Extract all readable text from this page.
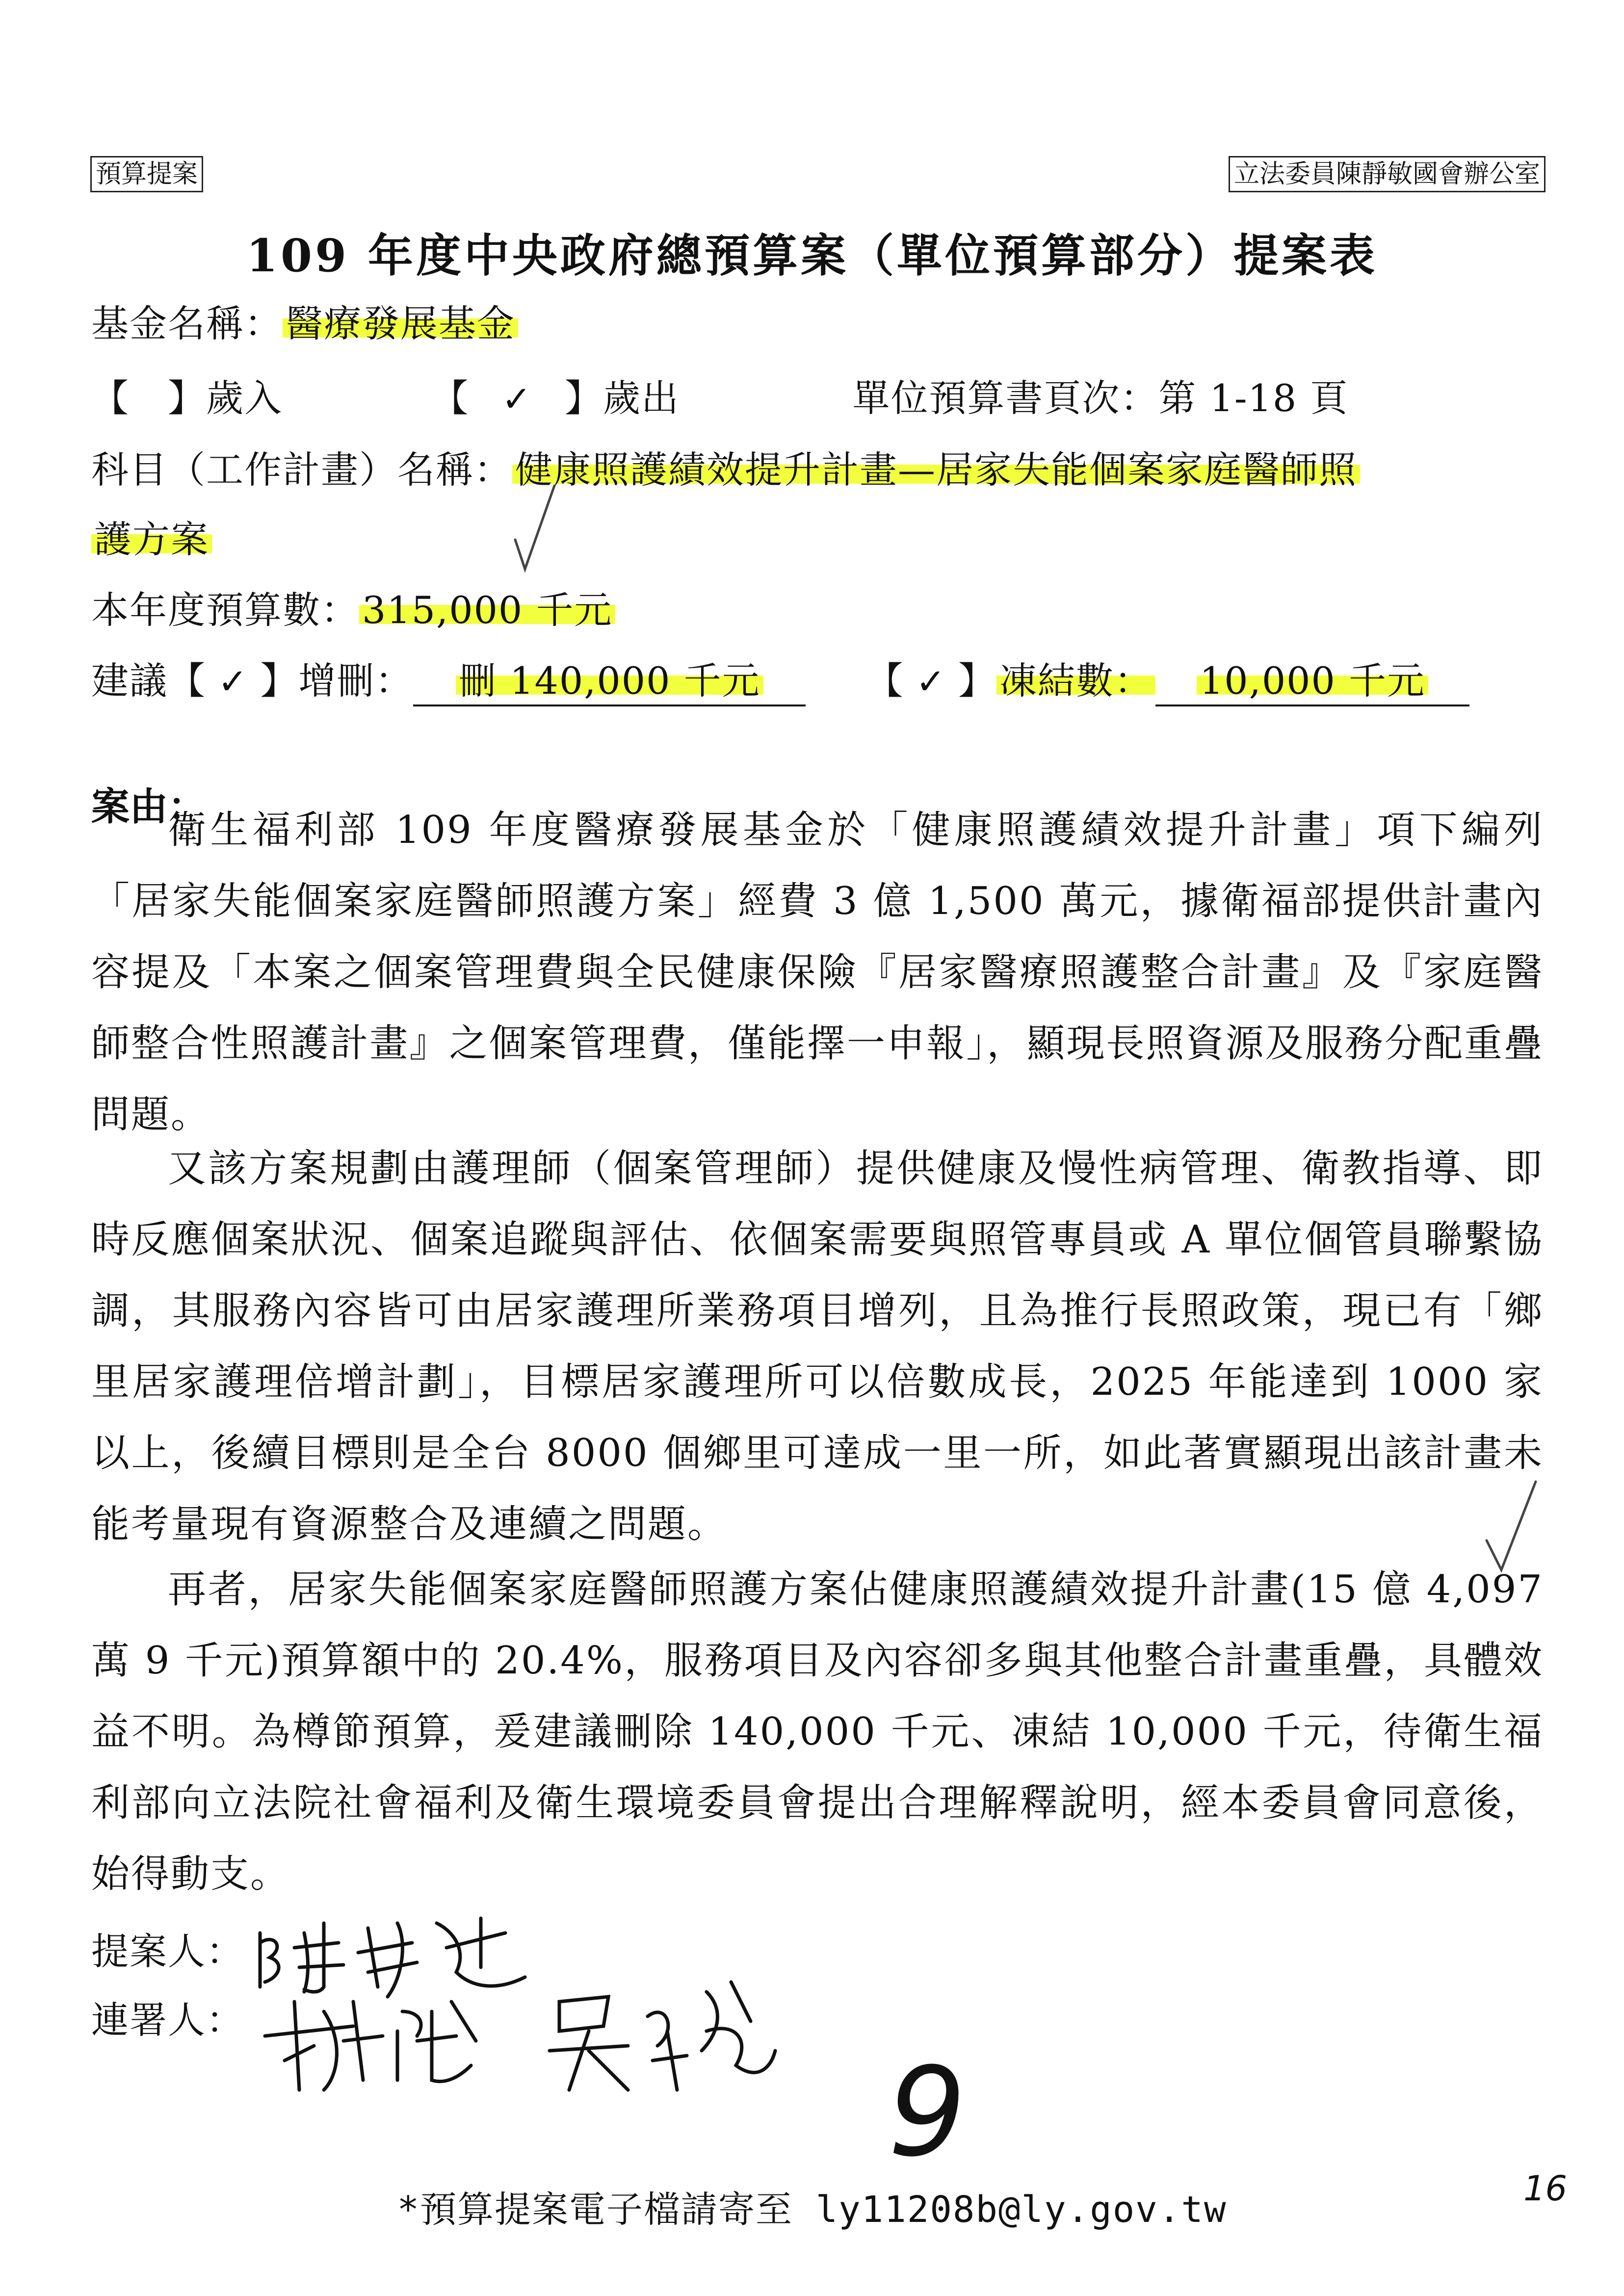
預算提案	立法委員陳靜敏國會辦公室
109 年度中央政府總預算案（單位預算部分）提案表
基金名稱：醫療發展基金
【　】歲入	【 ✓ 】歲出	單位預算書頁次：第 1-18 頁
科目（工作計畫）名稱：健康照護績效提升計畫—居家失能個案家庭醫師照
護方案
本年度預算數：315,000 千元
建議【 ✓ 】增刪： 刪 140,000 千元	【 ✓ 】凍結數： 10,000 千元
案由：
衛生福利部 109 年度醫療發展基金於「健康照護績效提升計畫」項下編列「居家失能個案家庭醫師照護方案」經費 3 億 1,500 萬元，據衛福部提供計畫內容提及「本案之個案管理費與全民健康保險『居家醫療照護整合計畫』及『家庭醫師整合性照護計畫』之個案管理費，僅能擇一申報」，顯現長照資源及服務分配重疊問題。
又該方案規劃由護理師（個案管理師）提供健康及慢性病管理、衛教指導、即時反應個案狀況、個案追蹤與評估、依個案需要與照管專員或 A 單位個管員聯繫協調，其服務內容皆可由居家護理所業務項目增列，且為推行長照政策，現已有「鄉里居家護理倍增計劃」，目標居家護理所可以倍數成長，2025 年能達到 1000 家以上，後續目標則是全台 8000 個鄉里可達成一里一所，如此著實顯現出該計畫未能考量現有資源整合及連續之問題。
再者，居家失能個案家庭醫師照護方案佔健康照護績效提升計畫(15 億 4,097 萬 9 千元)預算額中的 20.4%，服務項目及內容卻多與其他整合計畫重疊，具體效益不明。為樽節預算，爰建議刪除 140,000 千元、凍結 10,000 千元，待衛生福利部向立法院社會福利及衛生環境委員會提出合理解釋說明，經本委員會同意後，始得動支。
提案人：
連署人：
9
16
*預算提案電子檔請寄至 ly11208b@ly.gov.tw
